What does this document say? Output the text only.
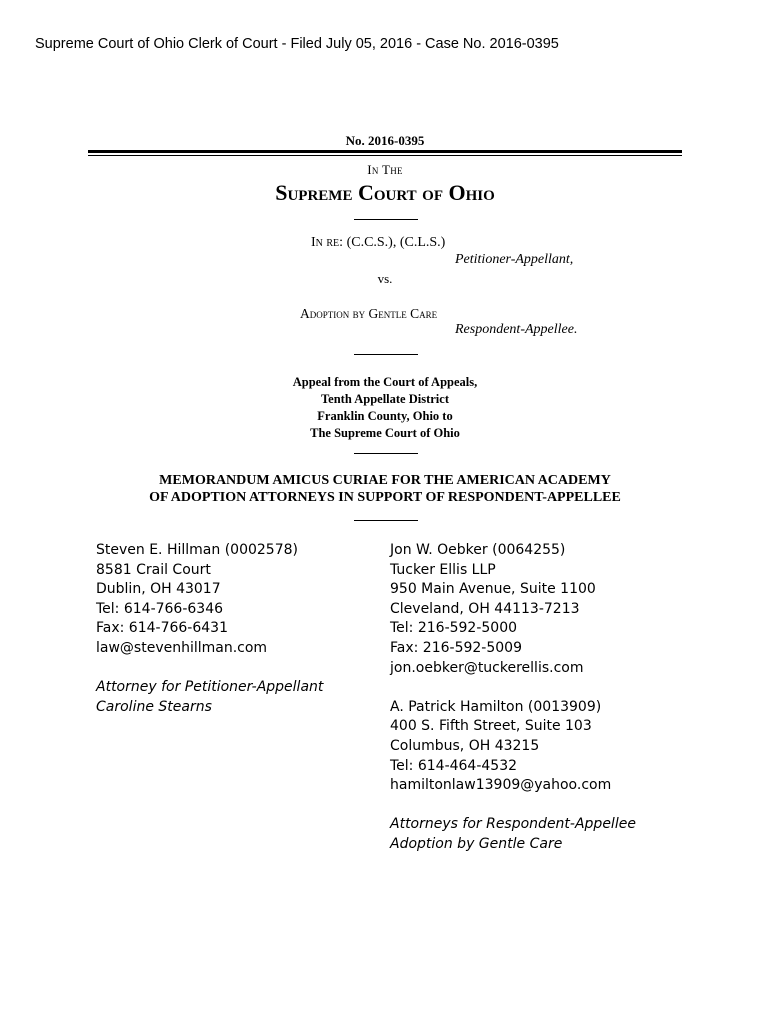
Supreme Court of Ohio Clerk of Court - Filed July 05, 2016 - Case No. 2016-0395
No. 2016-0395
In The
Supreme Court of Ohio
In re: (C.C.S.), (C.L.S.)
Petitioner-Appellant,
vs.
Adoption by Gentle Care
Respondent-Appellee.
Appeal from the Court of Appeals,
Tenth Appellate District
Franklin County, Ohio to
The Supreme Court of Ohio
MEMORANDUM AMICUS CURIAE FOR THE AMERICAN ACADEMY
OF ADOPTION ATTORNEYS IN SUPPORT OF RESPONDENT-APPELLEE
Steven E. Hillman (0002578)
8581 Crail Court
Dublin, OH 43017
Tel: 614-766-6346
Fax: 614-766-6431
law@stevenhillman.com
Attorney for Petitioner-Appellant
Caroline Stearns
Jon W. Oebker (0064255)
Tucker Ellis LLP
950 Main Avenue, Suite 1100
Cleveland, OH 44113-7213
Tel: 216-592-5000
Fax: 216-592-5009
jon.oebker@tuckerellis.com
A. Patrick Hamilton (0013909)
400 S. Fifth Street, Suite 103
Columbus, OH 43215
Tel: 614-464-4532
hamiltonlaw13909@yahoo.com
Attorneys for Respondent-Appellee
Adoption by Gentle Care
